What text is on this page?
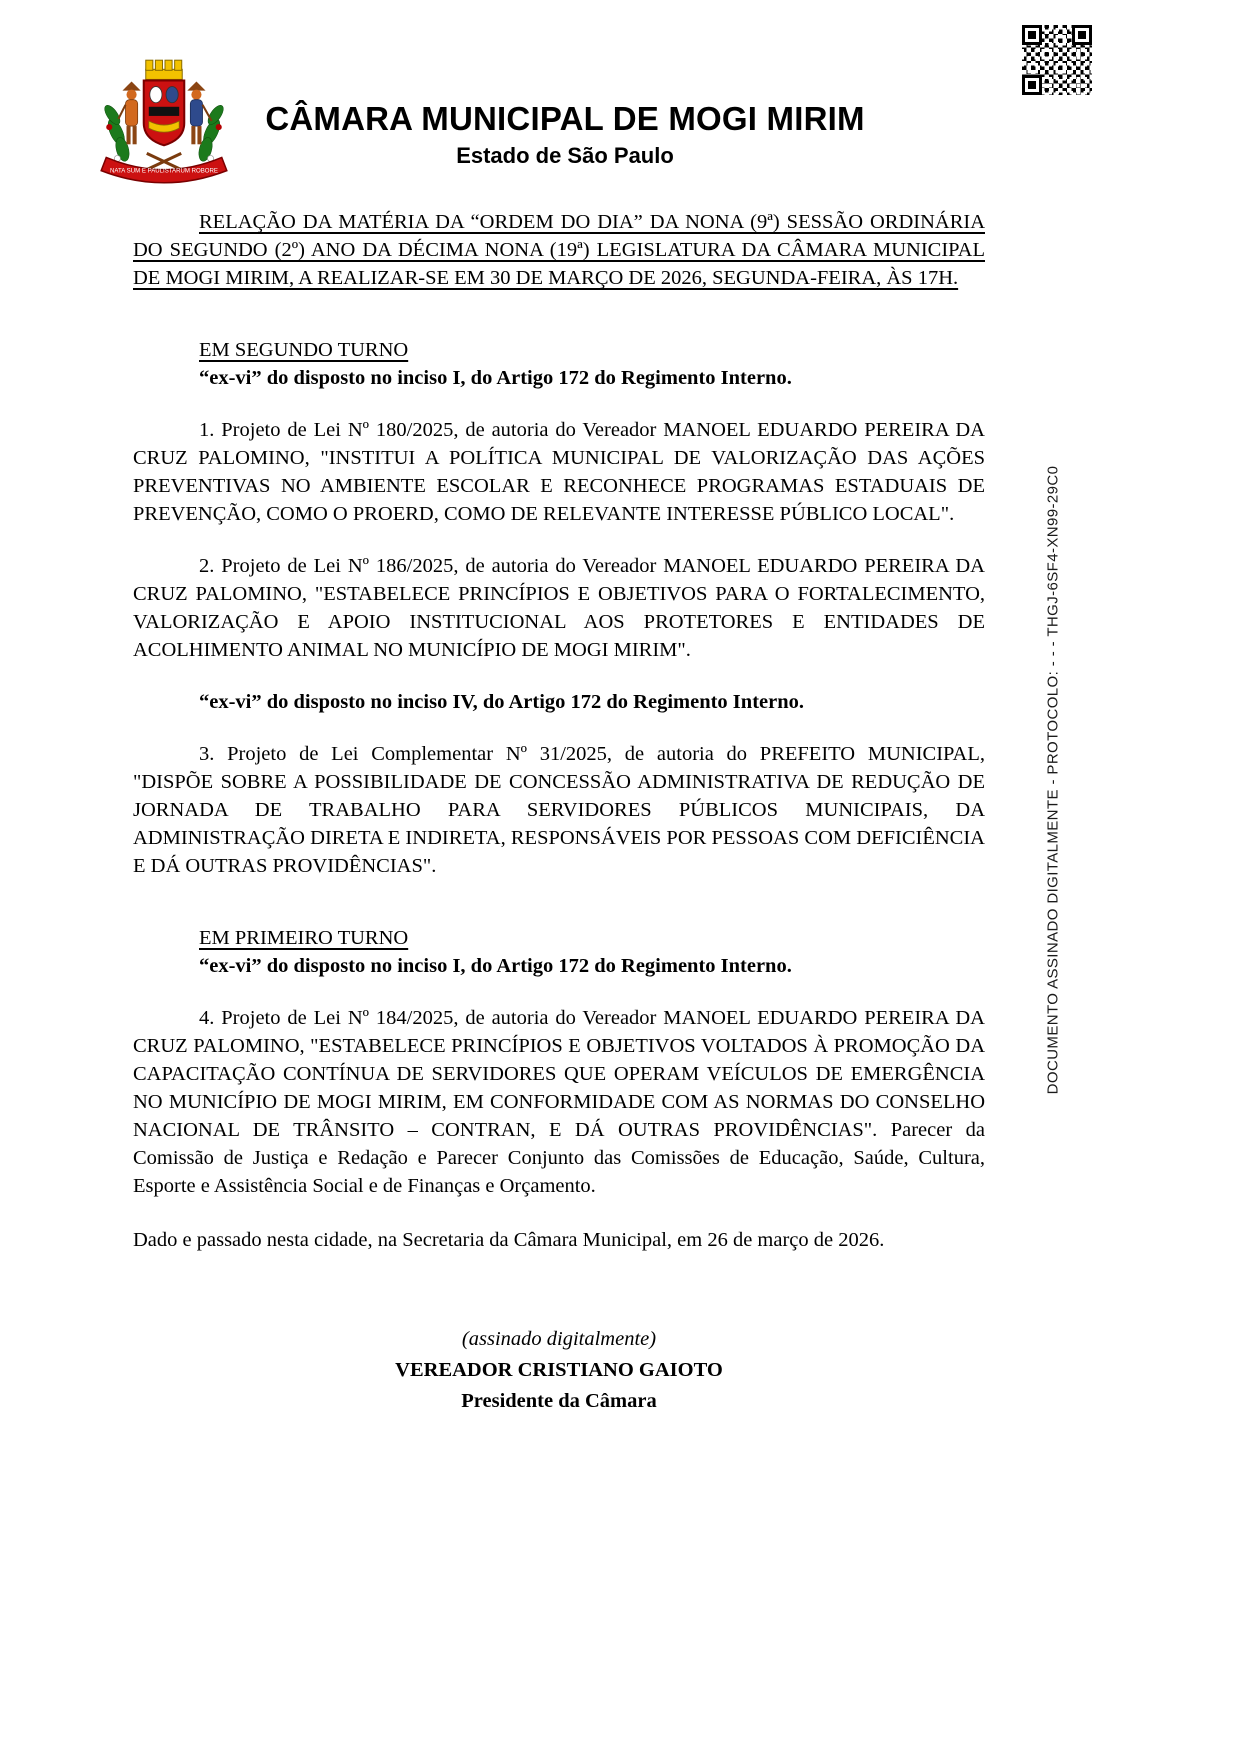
NATA SUM E PAULISTARUM ROBORE
CÂMARA MUNICIPAL DE MOGI MIRIM
Estado de São Paulo

RELAÇÃO DA MATÉRIA DA “ORDEM DO DIA” DA NONA (9ª) SESSÃO ORDINÁRIA DO SEGUNDO (2º) ANO DA DÉCIMA NONA (19ª) LEGISLATURA DA CÂMARA MUNICIPAL DE MOGI MIRIM, A REALIZAR-SE EM 30 DE MARÇO DE 2026, SEGUNDA-FEIRA, ÀS 17H.

EM SEGUNDO TURNO

“ex-vi” do disposto no inciso I, do Artigo 172 do Regimento Interno.

1. Projeto de Lei Nº 180/2025, de autoria do Vereador MANOEL EDUARDO PEREIRA DA CRUZ PALOMINO, "INSTITUI A POLÍTICA MUNICIPAL DE VALORIZAÇÃO DAS AÇÕES PREVENTIVAS NO AMBIENTE ESCOLAR E RECONHECE PROGRAMAS ESTADUAIS DE PREVENÇÃO, COMO O PROERD, COMO DE RELEVANTE INTERESSE PÚBLICO LOCAL".

2. Projeto de Lei Nº 186/2025, de autoria do Vereador MANOEL EDUARDO PEREIRA DA CRUZ PALOMINO, "ESTABELECE PRINCÍPIOS E OBJETIVOS PARA O FORTALECIMENTO, VALORIZAÇÃO E APOIO INSTITUCIONAL AOS PROTETORES E ENTIDADES DE ACOLHIMENTO ANIMAL NO MUNICÍPIO DE MOGI MIRIM".

“ex-vi” do disposto no inciso IV, do Artigo 172 do Regimento Interno.

3. Projeto de Lei Complementar Nº 31/2025, de autoria do PREFEITO MUNICIPAL, "DISPÕE SOBRE A POSSIBILIDADE DE CONCESSÃO ADMINISTRATIVA DE REDUÇÃO DE JORNADA DE TRABALHO PARA SERVIDORES PÚBLICOS MUNICIPAIS, DA ADMINISTRAÇÃO DIRETA E INDIRETA, RESPONSÁVEIS POR PESSOAS COM DEFICIÊNCIA E DÁ OUTRAS PROVIDÊNCIAS".

EM PRIMEIRO TURNO

“ex-vi” do disposto no inciso I, do Artigo 172 do Regimento Interno.

4. Projeto de Lei Nº 184/2025, de autoria do Vereador MANOEL EDUARDO PEREIRA DA CRUZ PALOMINO, "ESTABELECE PRINCÍPIOS E OBJETIVOS VOLTADOS À PROMOÇÃO DA CAPACITAÇÃO CONTÍNUA DE SERVIDORES QUE OPERAM VEÍCULOS DE EMERGÊNCIA NO MUNICÍPIO DE MOGI MIRIM, EM CONFORMIDADE COM AS NORMAS DO CONSELHO NACIONAL DE TRÂNSITO – CONTRAN, E DÁ OUTRAS PROVIDÊNCIAS". Parecer da Comissão de Justiça e Redação e Parecer Conjunto das Comissões de Educação, Saúde, Cultura, Esporte e Assistência Social e de Finanças e Orçamento.

Dado e passado nesta cidade, na Secretaria da Câmara Municipal, em 26 de março de 2026.

(assinado digitalmente)
VEREADOR CRISTIANO GAIOTO
Presidente da Câmara
DOCUMENTO ASSINADO DIGITALMENTE - PROTOCOLO: - - - THGJ-6SF4-XN99-29C0
